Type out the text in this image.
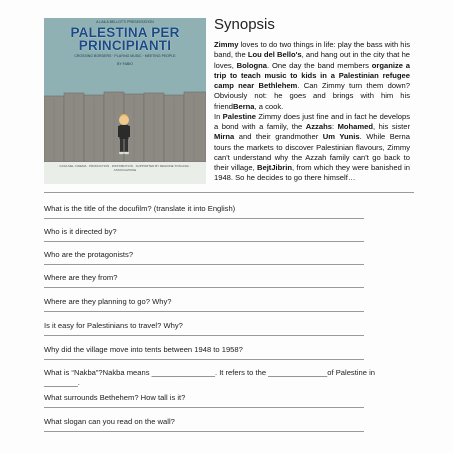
A LAILA BELLOTTI PRESENTATION
PALESTINA PER PRINCIPIANTI
CROSSING BORDERS · PLAYING MUSIC · MEETING PEOPLE
BY FABIO
CASA DEL CINEMA · PRODUCTION · DISTRIBUTION · SUPPORTED BY REGIONE TOSCANA · ASSOCIAZIONE
Synopsis

Zimmy loves to do two things in life: play the bass with his band, the Lou del Bello's, and hang out in the city that he loves, Bologna. One day the band members organize a trip to teach music to kids in a Palestinian refugee camp near Bethlehem. Can Zimmy turn them down? Obviously not: he goes and brings with him his friendBerna, a cook.

In Palestine Zimmy does just fine and in fact he develops a bond with a family, the Azzahs: Mohamed, his sister Mirna and their grandmother Um Yunis. While Berna tours the markets to discover Palestinian flavours, Zimmy can't understand why the Azzah family can't go back to their village, BejtJibrin, from which they were banished in 1948. So he decides to go there himself…

What is the title of the docufilm? (translate it into English)
Who is it directed by?
Who are the protagonists?
Where are they from?
Where are they planning to go? Why?
Is it easy for Palestinians to travel? Why?
Why did the village move into tents between 1948 to 1958?
What is “Nakba”?Nakba means _______________. It refers to the ______________of Palestine in ________.
What surrounds Bethehem? How tall is it?
What slogan can you read on the wall?
